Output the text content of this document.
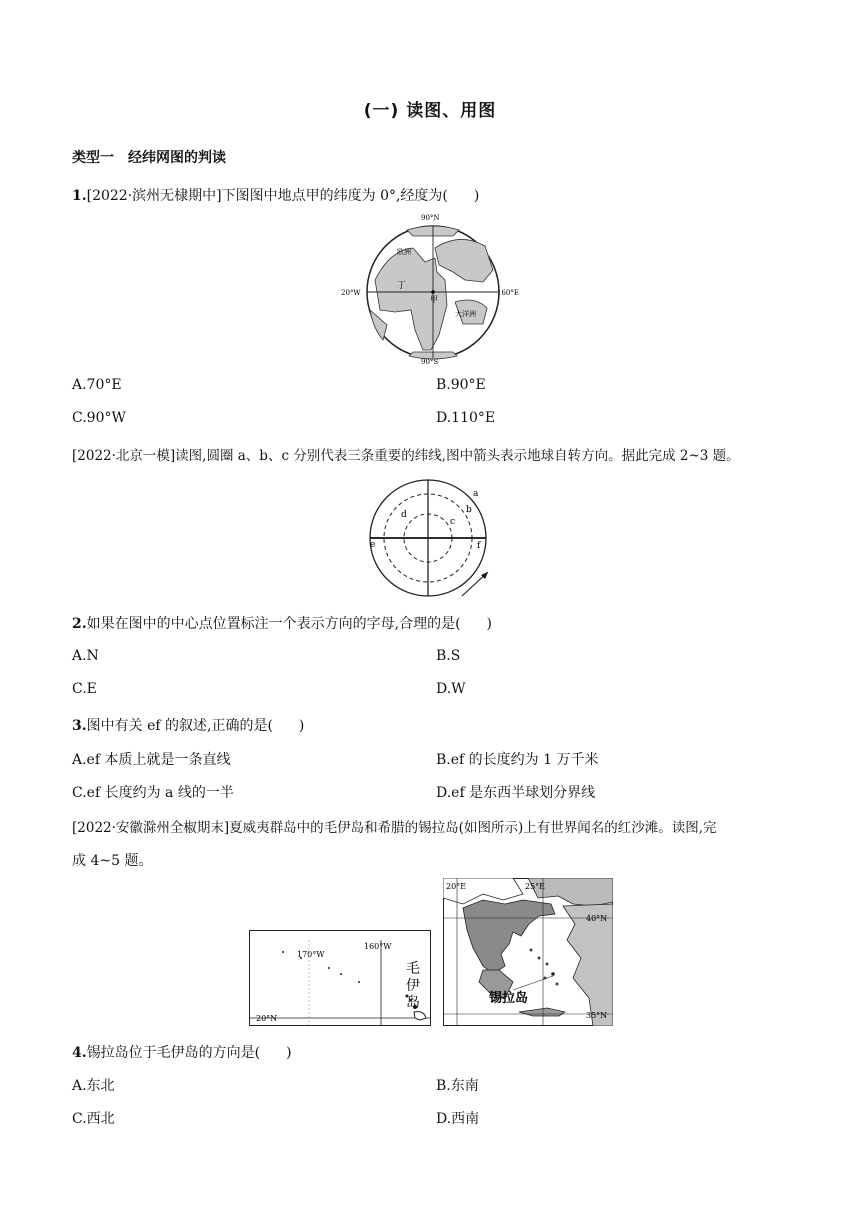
(一) 读图、用图
类型一　经纬网图的判读
1.[2022·滨州无棣期中]下图图中地点甲的纬度为 0°,经度为( )
90°N
90°S
20°W	160°E
甲
丁
欧洲
大洋洲
A.70°E	B.90°E
C.90°W	D.110°E
[2022·北京一模]读图,圆圈 a、b、c 分别代表三条重要的纬线,图中箭头表示地球自转方向。据此完成 2~3 题。
a
b
c
d
e	f
2.如果在图中的中心点位置标注一个表示方向的字母,合理的是( )
A.N	B.S
C.E	D.W
3.图中有关 ef 的叙述,正确的是( )
A.ef 本质上就是一条直线	B.ef 的长度约为 1 万千米
C.ef 长度约为 a 线的一半	D.ef 是东西半球划分界线
[2022·安徽滁州全椒期末]夏威夷群岛中的毛伊岛和希腊的锡拉岛(如图所示)上有世界闻名的红沙滩。读图,完
成 4~5 题。
170°W
160°W
20°N
毛
伊
岛
20°E	25°E
40°N
35°N
锡拉岛
4.锡拉岛位于毛伊岛的方向是( )
A.东北	B.东南
C.西北	D.西南
